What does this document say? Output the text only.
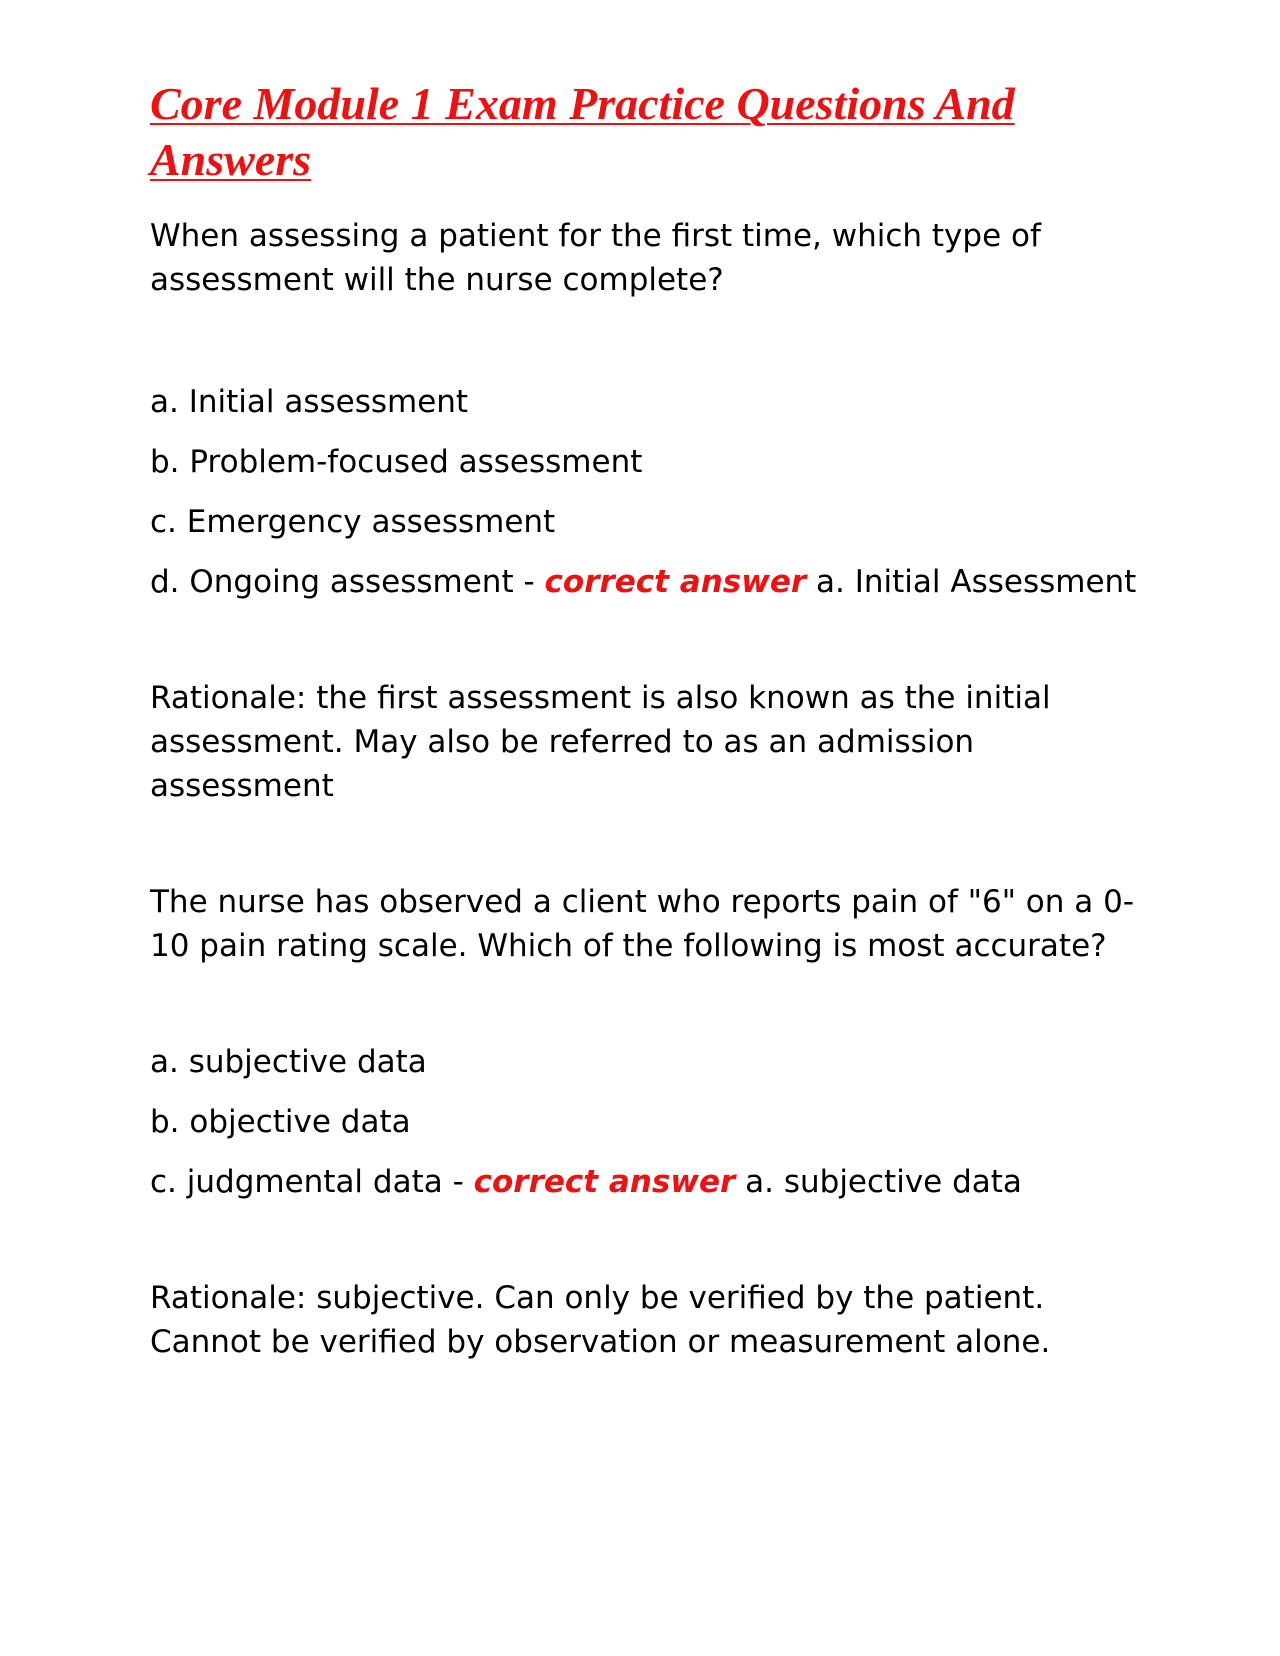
Core Module 1 Exam Practice Questions And Answers

When assessing a patient for the first time, which type of assessment will the nurse complete?

a. Initial assessment

b. Problem-focused assessment

c. Emergency assessment

d. Ongoing assessment - correct answer a. Initial Assessment

Rationale: the first assessment is also known as the initial assessment. May also be referred to as an admission assessment

The nurse has observed a client who reports pain of "6" on a 0-10 pain rating scale. Which of the following is most accurate?

a. subjective data

b. objective data

c. judgmental data - correct answer a. subjective data

Rationale: subjective. Can only be verified by the patient. Cannot be verified by observation or measurement alone.
